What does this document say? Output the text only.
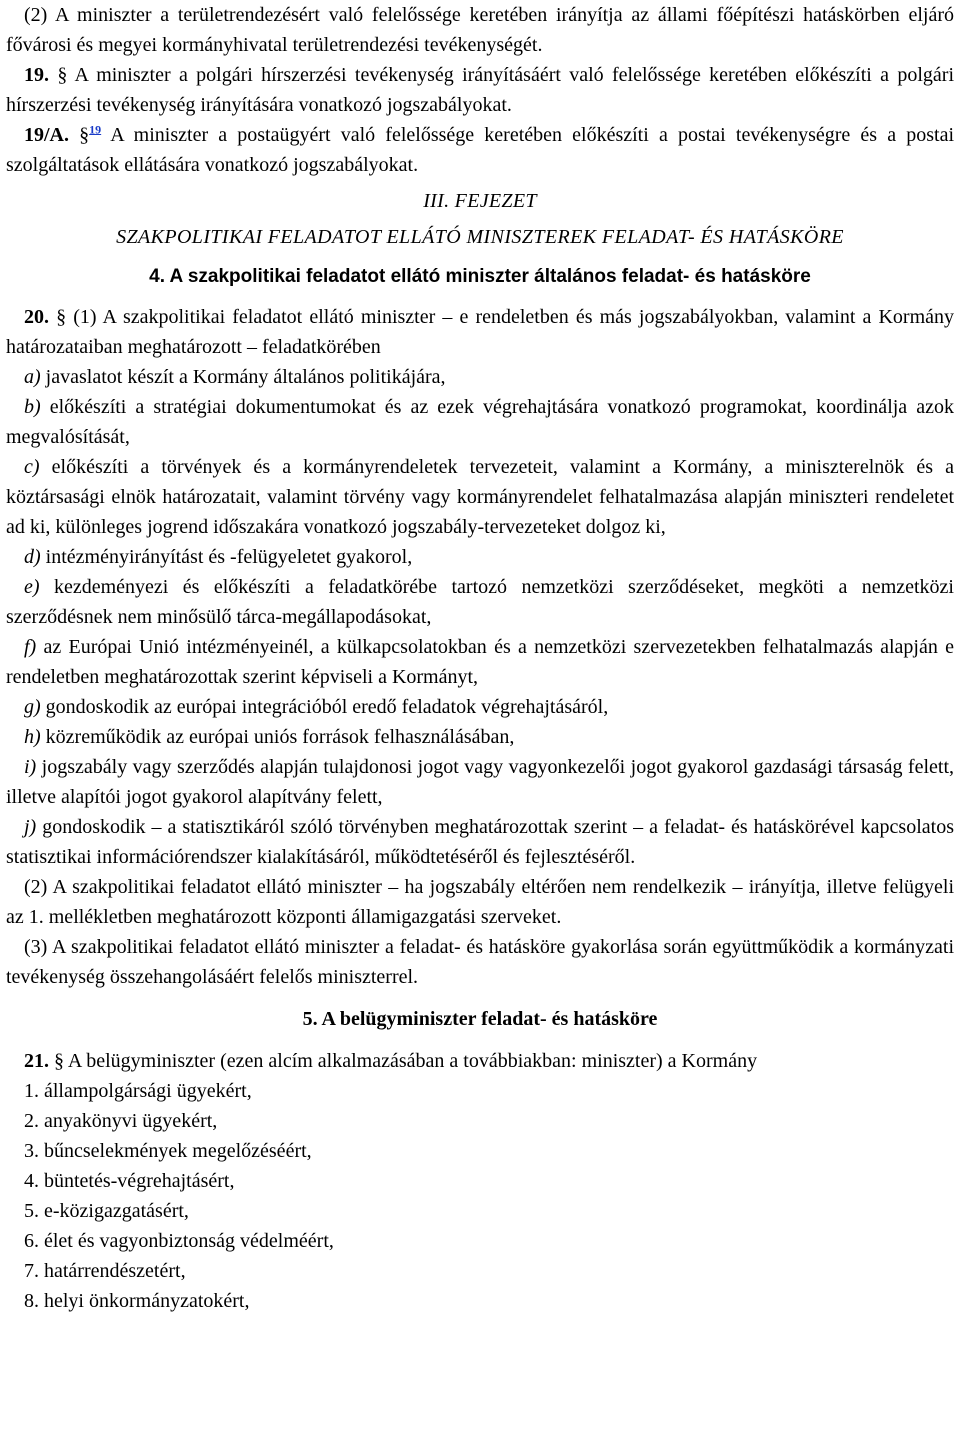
(2) A miniszter a területrendezésért való felelőssége keretében irányítja az állami főépítészi hatáskörben eljáró fővárosi és megyei kormányhivatal területrendezési tevékenységét.

19. § A miniszter a polgári hírszerzési tevékenység irányításáért való felelőssége keretében előkészíti a polgári hírszerzési tevékenység irányítására vonatkozó jogszabályokat.

19/A. §$^{19}$ A miniszter a postaügyért való felelőssége keretében előkészíti a postai tevékenységre és a postai szolgáltatások ellátására vonatkozó jogszabályokat.

III. FEJEZET

SZAKPOLITIKAI FELADATOT ELLÁTÓ MINISZTEREK FELADAT- ÉS HATÁSKÖRE

4. A szakpolitikai feladatot ellátó miniszter általános feladat- és hatásköre

20. § (1) A szakpolitikai feladatot ellátó miniszter – e rendeletben és más jogszabályokban, valamint a Kormány határozataiban meghatározott – feladatkörében

a) javaslatot készít a Kormány általános politikájára,

b) előkészíti a stratégiai dokumentumokat és az ezek végrehajtására vonatkozó programokat, koordinálja azok megvalósítását,

c) előkészíti a törvények és a kormányrendeletek tervezeteit, valamint a Kormány, a miniszterelnök és a köztársasági elnök határozatait, valamint törvény vagy kormányrendelet felhatalmazása alapján miniszteri rendeletet ad ki, különleges jogrend időszakára vonatkozó jogszabály-tervezeteket dolgoz ki,

d) intézményirányítást és -felügyeletet gyakorol,

e) kezdeményezi és előkészíti a feladatkörébe tartozó nemzetközi szerződéseket, megköti a nemzetközi szerződésnek nem minősülő tárca-megállapodásokat,

f) az Európai Unió intézményeinél, a külkapcsolatokban és a nemzetközi szervezetekben felhatalmazás alapján e rendeletben meghatározottak szerint képviseli a Kormányt,

g) gondoskodik az európai integrációból eredő feladatok végrehajtásáról,

h) közreműködik az európai uniós források felhasználásában,

i) jogszabály vagy szerződés alapján tulajdonosi jogot vagy vagyonkezelői jogot gyakorol gazdasági társaság felett, illetve alapítói jogot gyakorol alapítvány felett,

j) gondoskodik – a statisztikáról szóló törvényben meghatározottak szerint – a feladat- és hatáskörével kapcsolatos statisztikai információrendszer kialakításáról, működtetéséről és fejlesztéséről.

(2) A szakpolitikai feladatot ellátó miniszter – ha jogszabály eltérően nem rendelkezik – irányítja, illetve felügyeli az 1. mellékletben meghatározott központi államigazgatási szerveket.

(3) A szakpolitikai feladatot ellátó miniszter a feladat- és hatásköre gyakorlása során együttműködik a kormányzati tevékenység összehangolásáért felelős miniszterrel.

5. A belügyminiszter feladat- és hatásköre

21. § A belügyminiszter (ezen alcím alkalmazásában a továbbiakban: miniszter) a Kormány

1. állampolgársági ügyekért,

2. anyakönyvi ügyekért,

3. bűncselekmények megelőzéséért,

4. büntetés-végrehajtásért,

5. e-közigazgatásért,

6. élet és vagyonbiztonság védelméért,

7. határrendészetért,

8. helyi önkormányzatokért,
